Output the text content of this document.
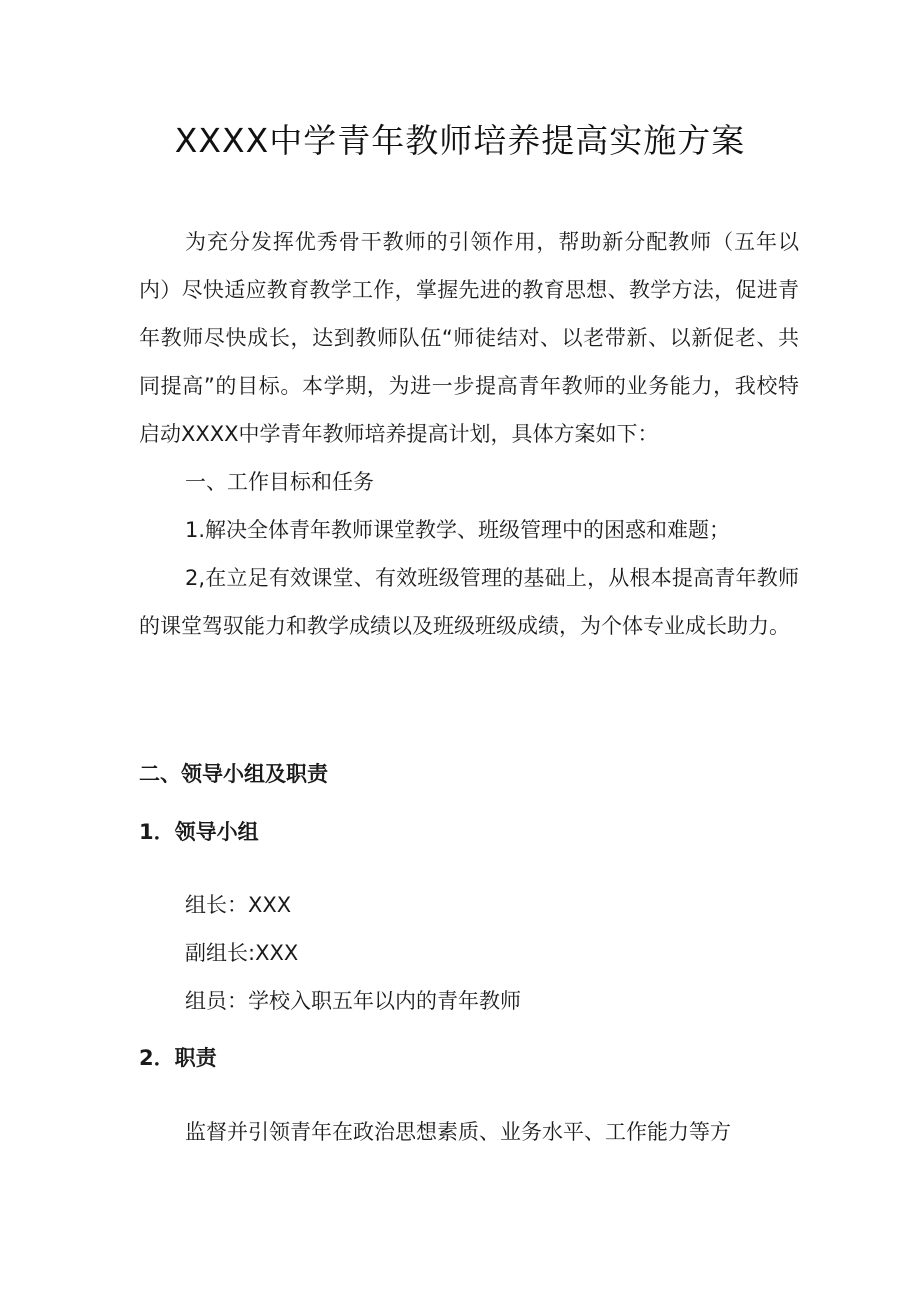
XXXX中学青年教师培养提高实施方案

为充分发挥优秀骨干教师的引领作用，帮助新分配教师（五年以内）尽快适应教育教学工作，掌握先进的教育思想、教学方法，促进青年教师尽快成长，达到教师队伍“师徒结对、以老带新、以新促老、共同提高”的目标。本学期，为进一步提高青年教师的业务能力，我校特启动XXXX中学青年教师培养提高计划，具体方案如下：

一、工作目标和任务

1.解决全体青年教师课堂教学、班级管理中的困惑和难题；

2,在立足有效课堂、有效班级管理的基础上，从根本提高青年教师的课堂驾驭能力和教学成绩以及班级班级成绩，为个体专业成长助力。

二、领导小组及职责

1．领导小组

组长：XXX

副组长:XXX

组员：学校入职五年以内的青年教师

2．职责

监督并引领青年在政治思想素质、业务水平、工作能力等方
